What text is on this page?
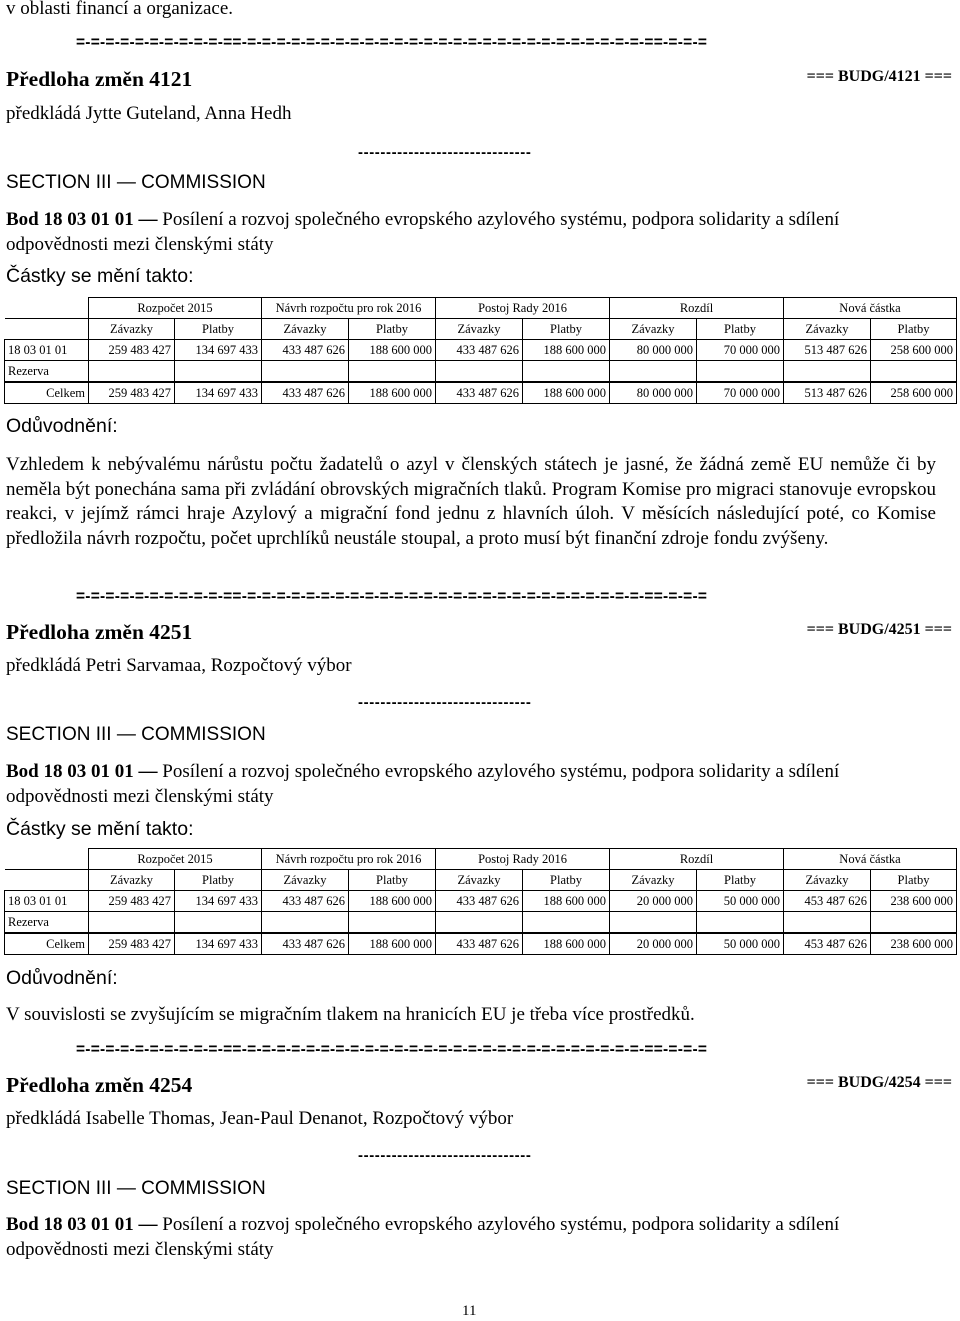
v oblasti financí a organizace.
=-=-=-=-=-=-=-=-=-=-==-=-=-=-=-=-=-=-=-=-=-=-=-=-=-=-=-=-=-=-=-=-=-=-=-=-=-=-==-=-=-=
Předloha změn 4121	=== BUDG/4121 ===
předkládá Jytte Guteland, Anna Hedh
-------------------------------
SECTION III — COMMISSION
Bod 18 03 01 01 — Posílení a rozvoj společného evropského azylového systému, podpora solidarity a sdílení odpovědnosti mezi členskými státy
Částky se mění takto:
	Rozpočet 2015		Návrh rozpočtu pro rok 2016		Postoj Rady 2016		Rozdíl		Nová částka	
	Závazky	Platby	Závazky	Platby	Závazky	Platby	Závazky	Platby	Závazky	Platby
18 03 01 01	259 483 427	134 697 433	433 487 626	188 600 000	433 487 626	188 600 000	80 000 000	70 000 000	513 487 626	258 600 000
Rezerva										
Celkem	259 483 427	134 697 433	433 487 626	188 600 000	433 487 626	188 600 000	80 000 000	70 000 000	513 487 626	258 600 000
Odůvodnění:
Vzhledem k nebývalému nárůstu počtu žadatelů o azyl v členských státech je jasné, že žádná země EU nemůže či by neměla být ponechána sama při zvládání obrovských migračních tlaků. Program Komise pro migraci stanovuje evropskou reakci, v jejímž rámci hraje Azylový a migrační fond jednu z hlavních úloh. V měsících následující poté, co Komise předložila návrh rozpočtu, počet uprchlíků neustále stoupal, a proto musí být finanční zdroje fondu zvýšeny.
=-=-=-=-=-=-=-=-=-=-==-=-=-=-=-=-=-=-=-=-=-=-=-=-=-=-=-=-=-=-=-=-=-=-=-=-=-=-==-=-=-=
Předloha změn 4251	=== BUDG/4251 ===
předkládá Petri Sarvamaa, Rozpočtový výbor
-------------------------------
SECTION III — COMMISSION
Bod 18 03 01 01 — Posílení a rozvoj společného evropského azylového systému, podpora solidarity a sdílení odpovědnosti mezi členskými státy
Částky se mění takto:
	Rozpočet 2015		Návrh rozpočtu pro rok 2016		Postoj Rady 2016		Rozdíl		Nová částka	
	Závazky	Platby	Závazky	Platby	Závazky	Platby	Závazky	Platby	Závazky	Platby
18 03 01 01	259 483 427	134 697 433	433 487 626	188 600 000	433 487 626	188 600 000	20 000 000	50 000 000	453 487 626	238 600 000
Rezerva										
Celkem	259 483 427	134 697 433	433 487 626	188 600 000	433 487 626	188 600 000	20 000 000	50 000 000	453 487 626	238 600 000
Odůvodnění:
V souvislosti se zvyšujícím se migračním tlakem na hranicích EU je třeba více prostředků.
=-=-=-=-=-=-=-=-=-=-==-=-=-=-=-=-=-=-=-=-=-=-=-=-=-=-=-=-=-=-=-=-=-=-=-=-=-=-==-=-=-=
Předloha změn 4254	=== BUDG/4254 ===
předkládá Isabelle Thomas, Jean-Paul Denanot, Rozpočtový výbor
-------------------------------
SECTION III — COMMISSION
Bod 18 03 01 01 — Posílení a rozvoj společného evropského azylového systému, podpora solidarity a sdílení odpovědnosti mezi členskými státy
11
